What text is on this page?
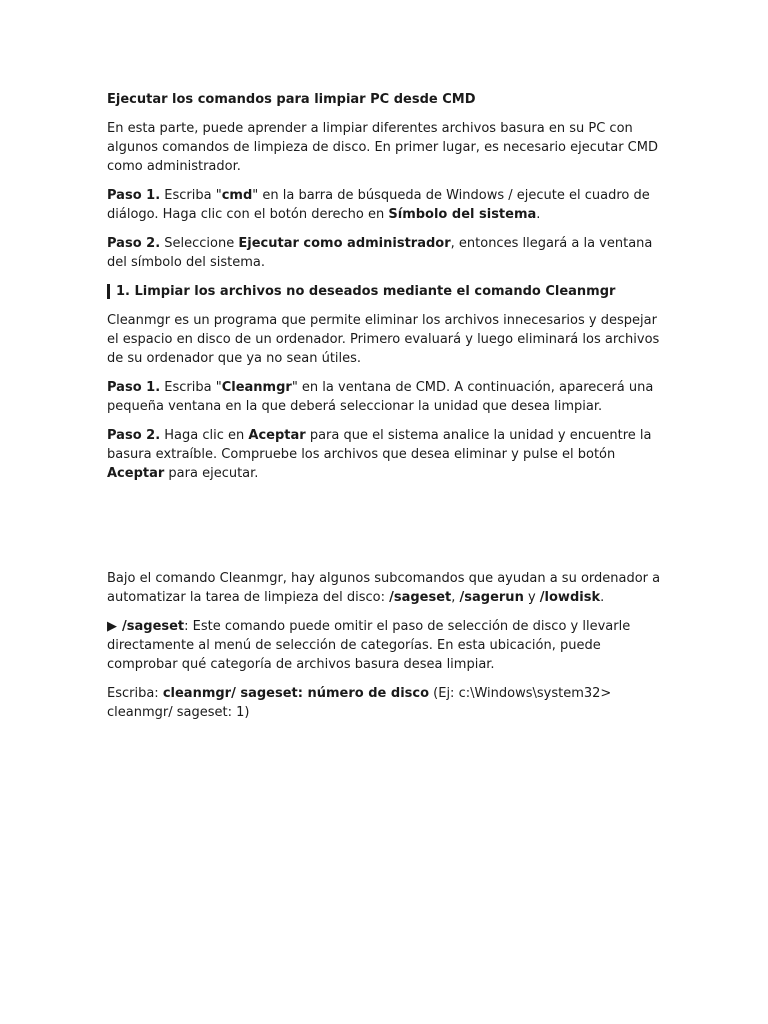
Ejecutar los comandos para limpiar PC desde CMD

En esta parte, puede aprender a limpiar diferentes archivos basura en su PC con algunos comandos de limpieza de disco. En primer lugar, es necesario ejecutar CMD como administrador.

Paso 1. Escriba "cmd" en la barra de búsqueda de Windows / ejecute el cuadro de diálogo. Haga clic con el botón derecho en Símbolo del sistema.

Paso 2. Seleccione Ejecutar como administrador, entonces llegará a la ventana del símbolo del sistema.

1. Limpiar los archivos no deseados mediante el comando Cleanmgr

Cleanmgr es un programa que permite eliminar los archivos innecesarios y despejar el espacio en disco de un ordenador. Primero evaluará y luego eliminará los archivos de su ordenador que ya no sean útiles.

Paso 1. Escriba "Cleanmgr" en la ventana de CMD. A continuación, aparecerá una pequeña ventana en la que deberá seleccionar la unidad que desea limpiar.

Paso 2. Haga clic en Aceptar para que el sistema analice la unidad y encuentre la basura extraíble. Compruebe los archivos que desea eliminar y pulse el botón Aceptar para ejecutar.

Bajo el comando Cleanmgr, hay algunos subcomandos que ayudan a su ordenador a automatizar la tarea de limpieza del disco: /sageset, /sagerun y /lowdisk.

▶ /sageset: Este comando puede omitir el paso de selección de disco y llevarle directamente al menú de selección de categorías. En esta ubicación, puede comprobar qué categoría de archivos basura desea limpiar.

Escriba: cleanmgr/ sageset: número de disco (Ej: c:\Windows\system32> cleanmgr/ sageset: 1)
